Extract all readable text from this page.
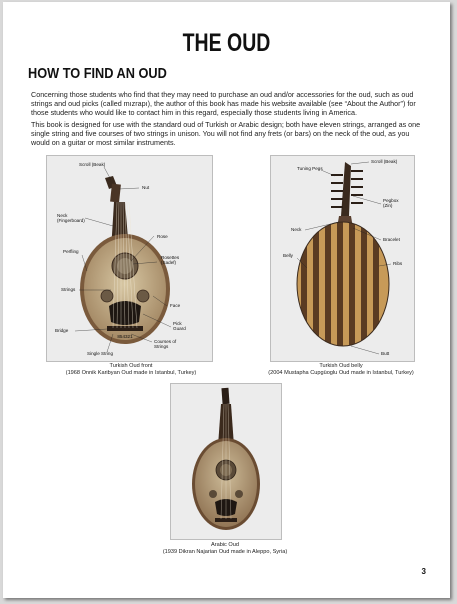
THE OUD
HOW TO FIND AN OUD

Concerning those students who find that they may need to purchase an oud and/or accessories for the oud, such as oud strings and oud picks (called mızrapı), the author of this book has made his website available (see “About the Author”) for those students who would like to contact him in this regard, especially those students living in America.

This book is designed for use with the standard oud of Turkish or Arabic design; both have eleven strings, arranged as one single string and five courses of two strings in unison. You will not find any frets (or bars) on the neck of the oud, as you would on a guitar or most similar instruments.

854321
Scroll (Beak)
Nut
Neck
(Fingerboard)
Rose
Perfling
Rosettes
(Sadef)
Strings
Face
Pick
Guard
Bridge
Courses of
Strings
Single String

Turkish Oud front
(1968 Onnik Karibyan Oud made in Istanbul, Turkey)

Scroll (Beak)
Tuning Pegs
Pegbox
(Zin)
Neck
Bracelet
Belly
Ribs
Butt

Turkish Oud belly
(2004 Mustapha Cupgüoglu Oud made in Istanbul, Turkey)

Arabic Oud
(1939 Dikran Najarian Oud made in Aleppo, Syria)

3
